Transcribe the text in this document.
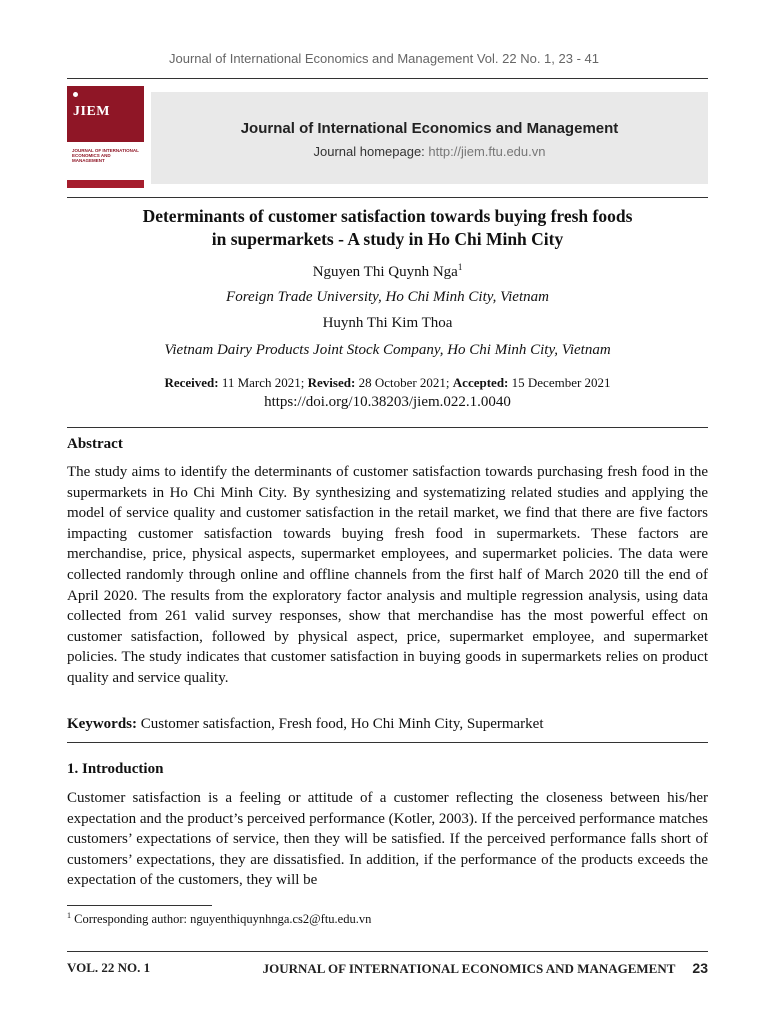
Journal of International Economics and Management Vol. 22 No. 1, 23 - 41
JIEM
JOURNAL OF INTERNATIONAL ECONOMICS AND MANAGEMENT
Journal of International Economics and Management
Journal homepage: http://jiem.ftu.edu.vn
Determinants of customer satisfaction towards buying fresh foods
in supermarkets - A study in Ho Chi Minh City
Nguyen Thi Quynh Nga$^1$
Foreign Trade University, Ho Chi Minh City, Vietnam
Huynh Thi Kim Thoa
Vietnam Dairy Products Joint Stock Company, Ho Chi Minh City, Vietnam
Received: 11 March 2021; Revised: 28 October 2021; Accepted: 15 December 2021
https://doi.org/10.38203/jiem.022.1.0040
Abstract
The study aims to identify the determinants of customer satisfaction towards purchasing fresh food in the supermarkets in Ho Chi Minh City. By synthesizing and systematizing related studies and applying the model of service quality and customer satisfaction in the retail market, we find that there are five factors impacting customer satisfaction towards buying fresh food in supermarkets. These factors are merchandise, price, physical aspects, supermarket employees, and supermarket policies. The data were collected randomly through online and offline channels from the first half of March 2020 till the end of April 2020. The results from the exploratory factor analysis and multiple regression analysis, using data collected from 261 valid survey responses, show that merchandise has the most powerful effect on customer satisfaction, followed by physical aspect, price, supermarket employee, and supermarket policies. The study indicates that customer satisfaction in buying goods in supermarkets relies on product quality and service quality.
Keywords: Customer satisfaction, Fresh food, Ho Chi Minh City, Supermarket
1. Introduction
Customer satisfaction is a feeling or attitude of a customer reflecting the closeness between his/her expectation and the product’s perceived performance (Kotler, 2003). If the perceived performance matches customers’ expectations of service, then they will be satisfied. If the perceived performance falls short of customers’ expectations, they are dissatisfied. In addition, if the performance of the products exceeds the expectation of the customers, they will be
$^1$ Corresponding author: nguyenthiquynhnga.cs2@ftu.edu.vn
VOL. 22 NO. 1	JOURNAL OF INTERNATIONAL ECONOMICS AND MANAGEMENT 23
